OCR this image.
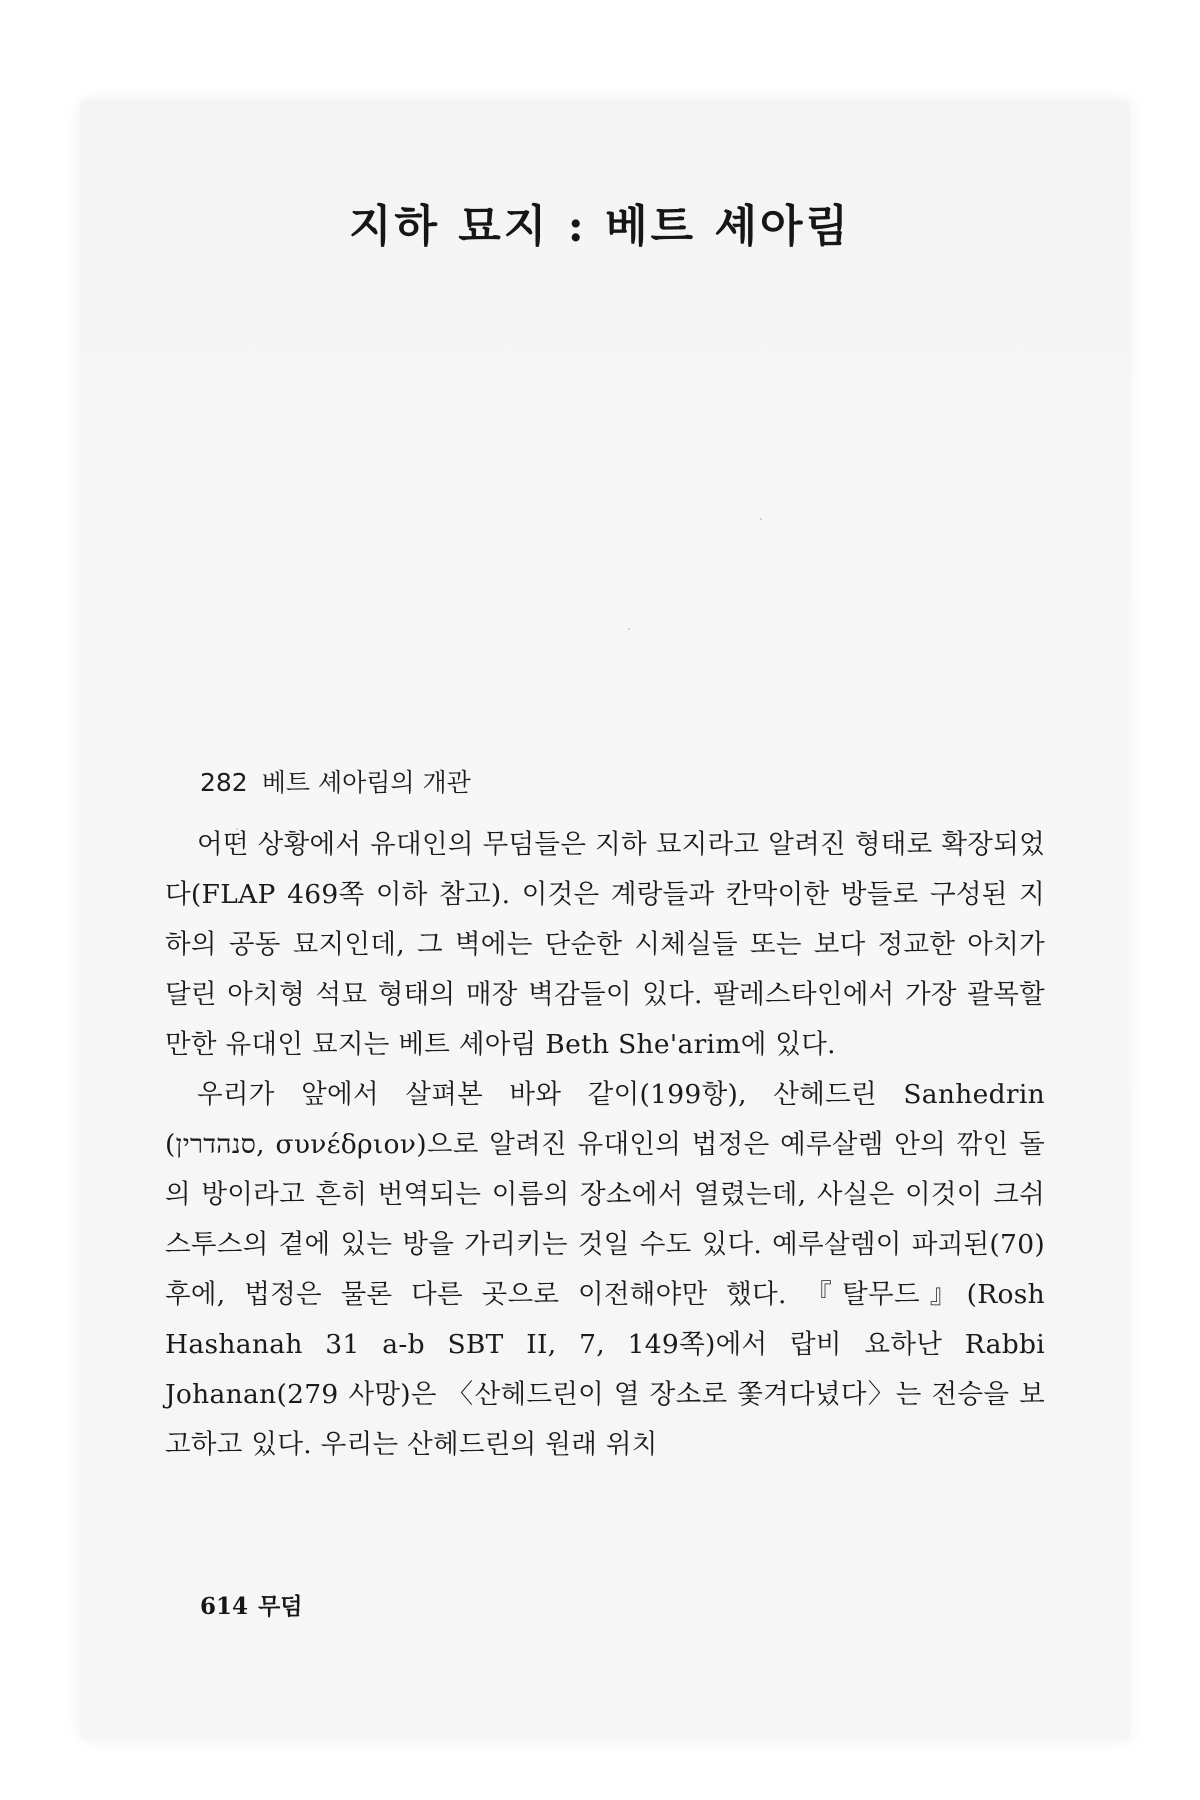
지하 묘지 : 베트 셰아림
282 베트 셰아림의 개관

어떤 상황에서 유대인의 무덤들은 지하 묘지라고 알려진 형태로 확장되었다(FLAP 469쪽 이하 참고). 이것은 계랑들과 칸막이한 방들로 구성된 지하의 공동 묘지인데, 그 벽에는 단순한 시체실들 또는 보다 정교한 아치가 달린 아치형 석묘 형태의 매장 벽감들이 있다. 팔레스타인에서 가장 괄목할 만한 유대인 묘지는 베트 셰아림 Beth She'arim에 있다.

우리가 앞에서 살펴본 바와 같이(199항), 산헤드린 Sanhedrin (סנהדרין, συνέδριον)으로 알려진 유대인의 법정은 예루살렘 안의 깎인 돌의 방이라고 흔히 번역되는 이름의 장소에서 열렸는데, 사실은 이것이 크쉬스투스의 곁에 있는 방을 가리키는 것일 수도 있다. 예루살렘이 파괴된(70) 후에, 법정은 물론 다른 곳으로 이전해야만 했다. 『탈무드』(Rosh Hashanah 31 a-b SBT II, 7, 149쪽)에서 랍비 요하난 Rabbi Johanan(279 사망)은 〈산헤드린이 열 장소로 쫓겨다녔다〉는 전승을 보고하고 있다. 우리는 산헤드린의 원래 위치

614 무덤
